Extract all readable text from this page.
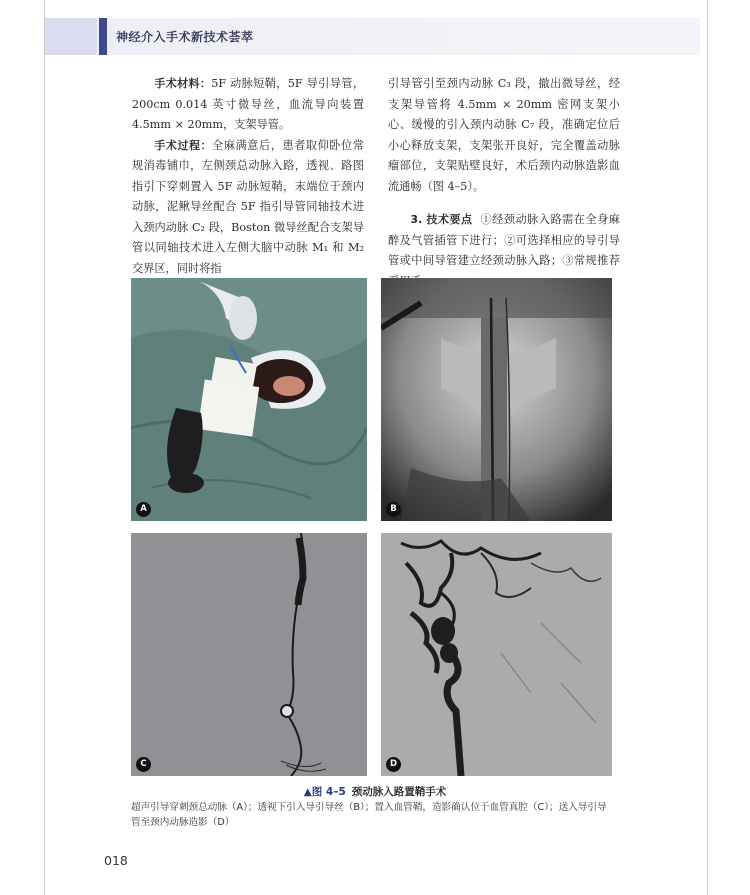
神经介入手术新技术荟萃

手术材料：5F 动脉短鞘，5F 导引导管，200cm 0.014 英寸微导丝，血流导向装置 4.5mm × 20mm，支架导管。

手术过程：全麻满意后，患者取仰卧位常规消毒铺巾，左侧颈总动脉入路，透视、路图指引下穿刺置入 5F 动脉短鞘，末端位于颈内动脉，泥鳅导丝配合 5F 指引导管同轴技术进入颈内动脉 C₂ 段，Boston 微导丝配合支架导管以同轴技术进入左侧大脑中动脉 M₁ 和 M₂ 交界区，同时将指

引导管引至颈内动脉 C₃ 段，撤出微导丝，经支架导管将 4.5mm × 20mm 密网支架小心、缓慢的引入颈内动脉 C₇ 段，准确定位后小心释放支架，支架张开良好，完全覆盖动脉瘤部位，支架贴壁良好，术后颈内动脉造影血流通畅（图 4–5）。

3. 技术要点 ①经颈动脉入路需在全身麻醉及气管插管下进行；②可选择相应的导引导管或中间导管建立经颈动脉入路；③常规推荐

A	B
C	D
▲图 4–5 颈动脉入路置鞘手术
超声引导穿刺颈总动脉（A）；透视下引入导引导丝（B）；置入血管鞘，造影确认位于血管真腔（C）；送入导引导管至颈内动脉造影（D）
018
